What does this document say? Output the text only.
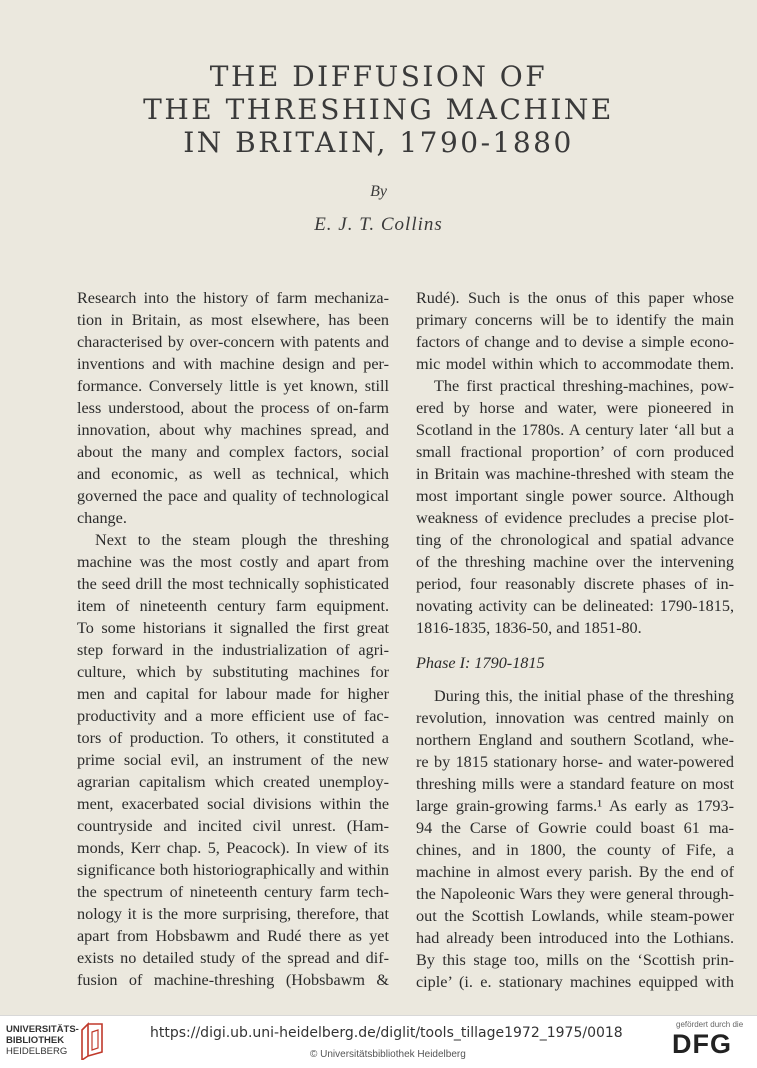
THE DIFFUSION OF
THE THRESHING MACHINE
IN BRITAIN, 1790-1880
By
E. J. T. Collins
Research into the history of farm mechaniza-
tion in Britain, as most elsewhere, has been
characterised by over-concern with patents and
inventions and with machine design and per-
formance. Conversely little is yet known, still
less understood, about the process of on-farm
innovation, about why machines spread, and
about the many and complex factors, social
and economic, as well as technical, which
governed the pace and quality of technological
change.
Next to the steam plough the threshing
machine was the most costly and apart from
the seed drill the most technically sophisticated
item of nineteenth century farm equipment.
To some historians it signalled the first great
step forward in the industrialization of agri-
culture, which by substituting machines for
men and capital for labour made for higher
productivity and a more efficient use of fac-
tors of production. To others, it constituted a
prime social evil, an instrument of the new
agrarian capitalism which created unemploy-
ment, exacerbated social divisions within the
countryside and incited civil unrest. (Ham-
monds, Kerr chap. 5, Peacock). In view of its
significance both historiographically and within
the spectrum of nineteenth century farm tech-
nology it is the more surprising, therefore, that
apart from Hobsbawm and Rudé there as yet
exists no detailed study of the spread and dif-
fusion of machine-threshing (Hobsbawm &
Rudé). Such is the onus of this paper whose
primary concerns will be to identify the main
factors of change and to devise a simple econo-
mic model within which to accommodate them.
The first practical threshing-machines, pow-
ered by horse and water, were pioneered in
Scotland in the 1780s. A century later ‘all but a
small fractional proportion’ of corn produced
in Britain was machine-threshed with steam the
most important single power source. Although
weakness of evidence precludes a precise plot-
ting of the chronological and spatial advance
of the threshing machine over the intervening
period, four reasonably discrete phases of in-
novating activity can be delineated: 1790-1815,
1816-1835, 1836-50, and 1851-80.
Phase I: 1790-1815
During this, the initial phase of the threshing
revolution, innovation was centred mainly on
northern England and southern Scotland, whe-
re by 1815 stationary horse- and water-powered
threshing mills were a standard feature on most
large grain-growing farms.¹ As early as 1793-
94 the Carse of Gowrie could boast 61 ma-
chines, and in 1800, the county of Fife, a
machine in almost every parish. By the end of
the Napoleonic Wars they were general through-
out the Scottish Lowlands, while steam-power
had already been introduced into the Lothians.
By this stage too, mills on the ‘Scottish prin-
ciple’ (i. e. stationary machines equipped with
UNIVERSITÄTS-
BIBLIOTHEK
HEIDELBERG
https://digi.ub.uni-heidelberg.de/diglit/tools_tillage1972_1975/0018
© Universitätsbibliothek Heidelberg
gefördert durch die
DFG
